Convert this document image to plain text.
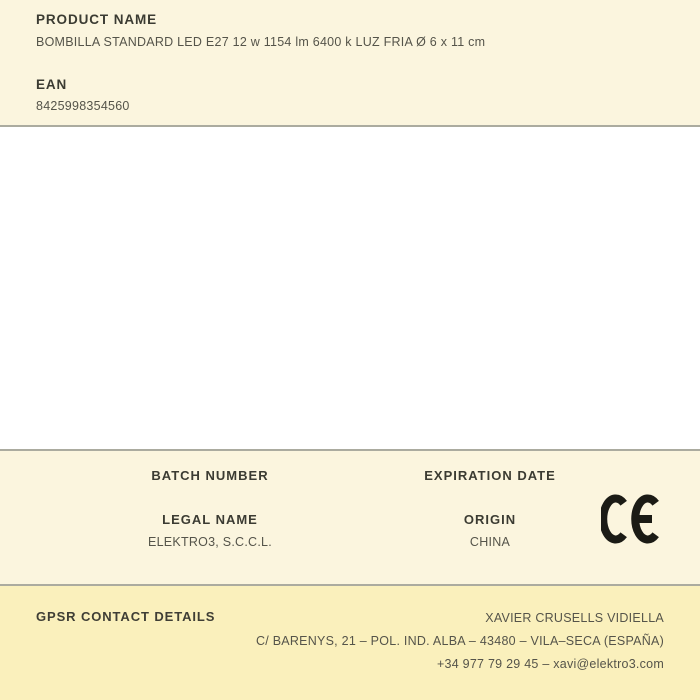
PRODUCT NAME
BOMBILLA STANDARD LED E27 12 w 1154 lm 6400 k LUZ FRIA Ø 6 x 11 cm
EAN
8425998354560
BATCH NUMBER	EXPIRATION DATE
LEGAL NAME	ORIGIN
ELEKTRO3, S.C.C.L.	CHINA
GPSR CONTACT DETAILS	XAVIER CRUSELLS VIDIELLA
C/ BARENYS, 21 – POL. IND. ALBA – 43480 – VILA–SECA (ESPAÑA)
+34 977 79 29 45 – xavi@elektro3.com
